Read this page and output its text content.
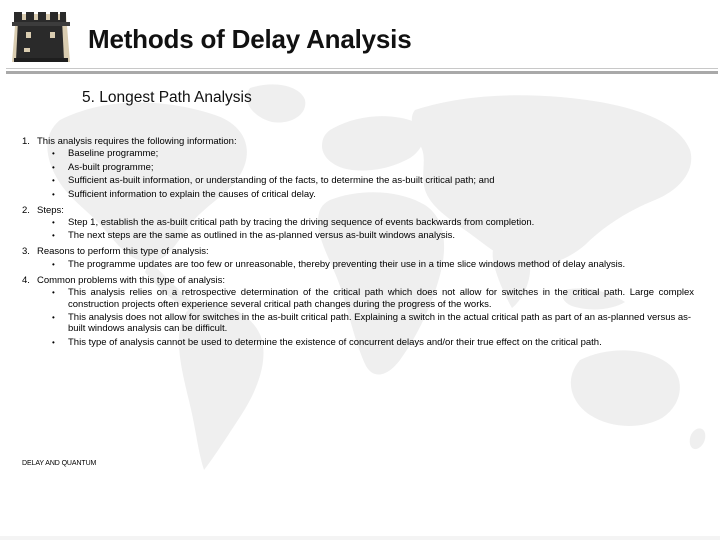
Methods of Delay Analysis
5. Longest Path Analysis
1. This analysis requires the following information:
• Baseline programme;
• As-built programme;
• Sufficient as-built information, or understanding of the facts, to determine the as-built critical path; and
• Sufficient information to explain the causes of critical delay.
2. Steps:
• Step 1, establish the as-built critical path by tracing the driving sequence of events backwards from completion.
• The next steps are the same as outlined in the as-planned versus as-built windows analysis.
3. Reasons to perform this type of analysis:
• The programme updates are too few or unreasonable, thereby preventing their use in a time slice windows method of delay analysis.
4. Common problems with this type of analysis:
• This analysis relies on a retrospective determination of the critical path which does not allow for switches in the critical path. Large complex construction projects often experience several critical path changes during the progress of the works.
• This analysis does not allow for switches in the as-built critical path. Explaining a switch in the actual critical path as part of an as-planned versus as-built windows analysis can be difficult.
• This type of analysis cannot be used to determine the existence of concurrent delays and/or their true effect on the critical path.
DELAY AND QUANTUM
